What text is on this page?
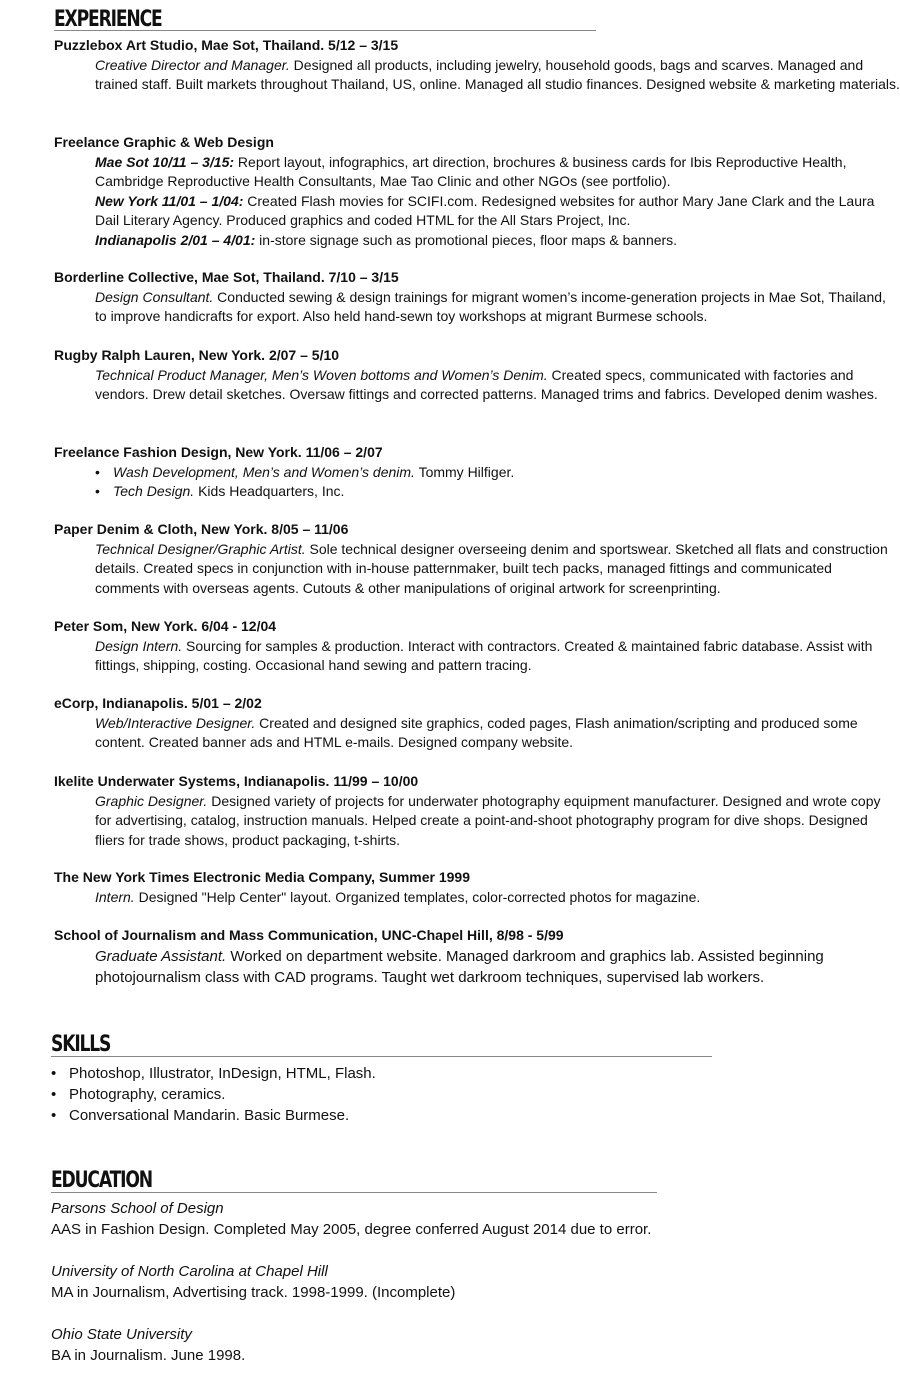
EXPERIENCE
Puzzlebox Art Studio, Mae Sot, Thailand. 5/12 – 3/15
Creative Director and Manager. Designed all products, including jewelry, household goods, bags and scarves. Managed and trained staff. Built markets throughout Thailand, US, online. Managed all studio finances. Designed website & marketing materials.
Freelance Graphic & Web Design
Mae Sot 10/11 – 3/15: Report layout, infographics, art direction, brochures & business cards for Ibis Reproductive Health, Cambridge Reproductive Health Consultants, Mae Tao Clinic and other NGOs (see portfolio).
New York 11/01 – 1/04: Created Flash movies for SCIFI.com. Redesigned websites for author Mary Jane Clark and the Laura Dail Literary Agency. Produced graphics and coded HTML for the All Stars Project, Inc.
Indianapolis 2/01 – 4/01: in-store signage such as promotional pieces, floor maps & banners.
Borderline Collective, Mae Sot, Thailand. 7/10 – 3/15
Design Consultant. Conducted sewing & design trainings for migrant women’s income-generation projects in Mae Sot, Thailand, to improve handicrafts for export. Also held hand-sewn toy workshops at migrant Burmese schools.
Rugby Ralph Lauren, New York. 2/07 – 5/10
Technical Product Manager, Men’s Woven bottoms and Women’s Denim. Created specs, communicated with factories and vendors. Drew detail sketches. Oversaw fittings and corrected patterns. Managed trims and fabrics. Developed denim washes.
Freelance Fashion Design, New York. 11/06 – 2/07
• Wash Development, Men’s and Women’s denim. Tommy Hilfiger.
• Tech Design. Kids Headquarters, Inc.
Paper Denim & Cloth, New York. 8/05 – 11/06
Technical Designer/Graphic Artist. Sole technical designer overseeing denim and sportswear. Sketched all flats and construction details. Created specs in conjunction with in-house patternmaker, built tech packs, managed fittings and communicated comments with overseas agents. Cutouts & other manipulations of original artwork for screenprinting.
Peter Som, New York. 6/04 - 12/04
Design Intern. Sourcing for samples & production. Interact with contractors. Created & maintained fabric database. Assist with fittings, shipping, costing. Occasional hand sewing and pattern tracing.
eCorp, Indianapolis. 5/01 – 2/02
Web/Interactive Designer. Created and designed site graphics, coded pages, Flash animation/scripting and produced some content. Created banner ads and HTML e-mails. Designed company website.
Ikelite Underwater Systems, Indianapolis. 11/99 – 10/00
Graphic Designer. Designed variety of projects for underwater photography equipment manufacturer. Designed and wrote copy for advertising, catalog, instruction manuals. Helped create a point-and-shoot photography program for dive shops. Designed fliers for trade shows, product packaging, t-shirts.
The New York Times Electronic Media Company, Summer 1999
Intern. Designed "Help Center" layout. Organized templates, color-corrected photos for magazine.
School of Journalism and Mass Communication, UNC-Chapel Hill, 8/98 - 5/99
Graduate Assistant. Worked on department website. Managed darkroom and graphics lab. Assisted beginning photojournalism class with CAD programs. Taught wet darkroom techniques, supervised lab workers.
SKILLS
• Photoshop, Illustrator, InDesign, HTML, Flash.
• Photography, ceramics.
• Conversational Mandarin. Basic Burmese.
EDUCATION
Parsons School of Design
AAS in Fashion Design. Completed May 2005, degree conferred August 2014 due to error.
University of North Carolina at Chapel Hill
MA in Journalism, Advertising track. 1998-1999. (Incomplete)
Ohio State University
BA in Journalism. June 1998.
